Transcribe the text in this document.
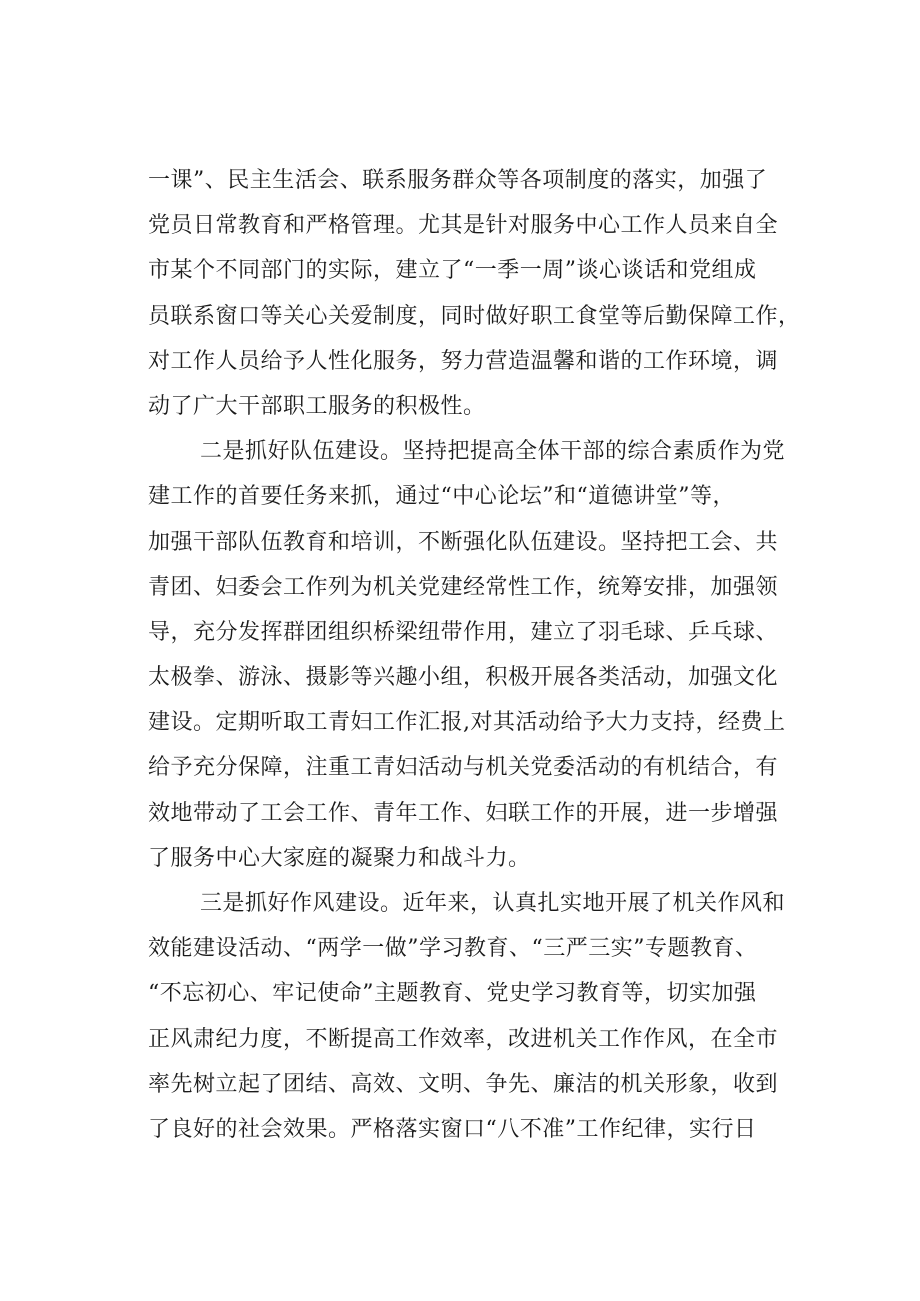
一课”、民主生活会、联系服务群众等各项制度的落实，加强了
党员日常教育和严格管理。尤其是针对服务中心工作人员来自全
市某个不同部门的实际，建立了“一季一周”谈心谈话和党组成
员联系窗口等关心关爱制度，同时做好职工食堂等后勤保障工作，
对工作人员给予人性化服务，努力营造温馨和谐的工作环境，调
动了广大干部职工服务的积极性。
二是抓好队伍建设。坚持把提高全体干部的综合素质作为党
建工作的首要任务来抓，通过“中心论坛”和“道德讲堂”等，
加强干部队伍教育和培训，不断强化队伍建设。坚持把工会、共
青团、妇委会工作列为机关党建经常性工作，统筹安排，加强领
导，充分发挥群团组织桥梁纽带作用，建立了羽毛球、乒乓球、
太极拳、游泳、摄影等兴趣小组，积极开展各类活动，加强文化
建设。定期听取工青妇工作汇报,对其活动给予大力支持，经费上
给予充分保障，注重工青妇活动与机关党委活动的有机结合，有
效地带动了工会工作、青年工作、妇联工作的开展，进一步增强
了服务中心大家庭的凝聚力和战斗力。
三是抓好作风建设。近年来，认真扎实地开展了机关作风和
效能建设活动、“两学一做”学习教育、“三严三实”专题教育、
“不忘初心、牢记使命”主题教育、党史学习教育等，切实加强
正风肃纪力度，不断提高工作效率，改进机关工作作风，在全市
率先树立起了团结、高效、文明、争先、廉洁的机关形象，收到
了良好的社会效果。严格落实窗口“八不准”工作纪律，实行日
